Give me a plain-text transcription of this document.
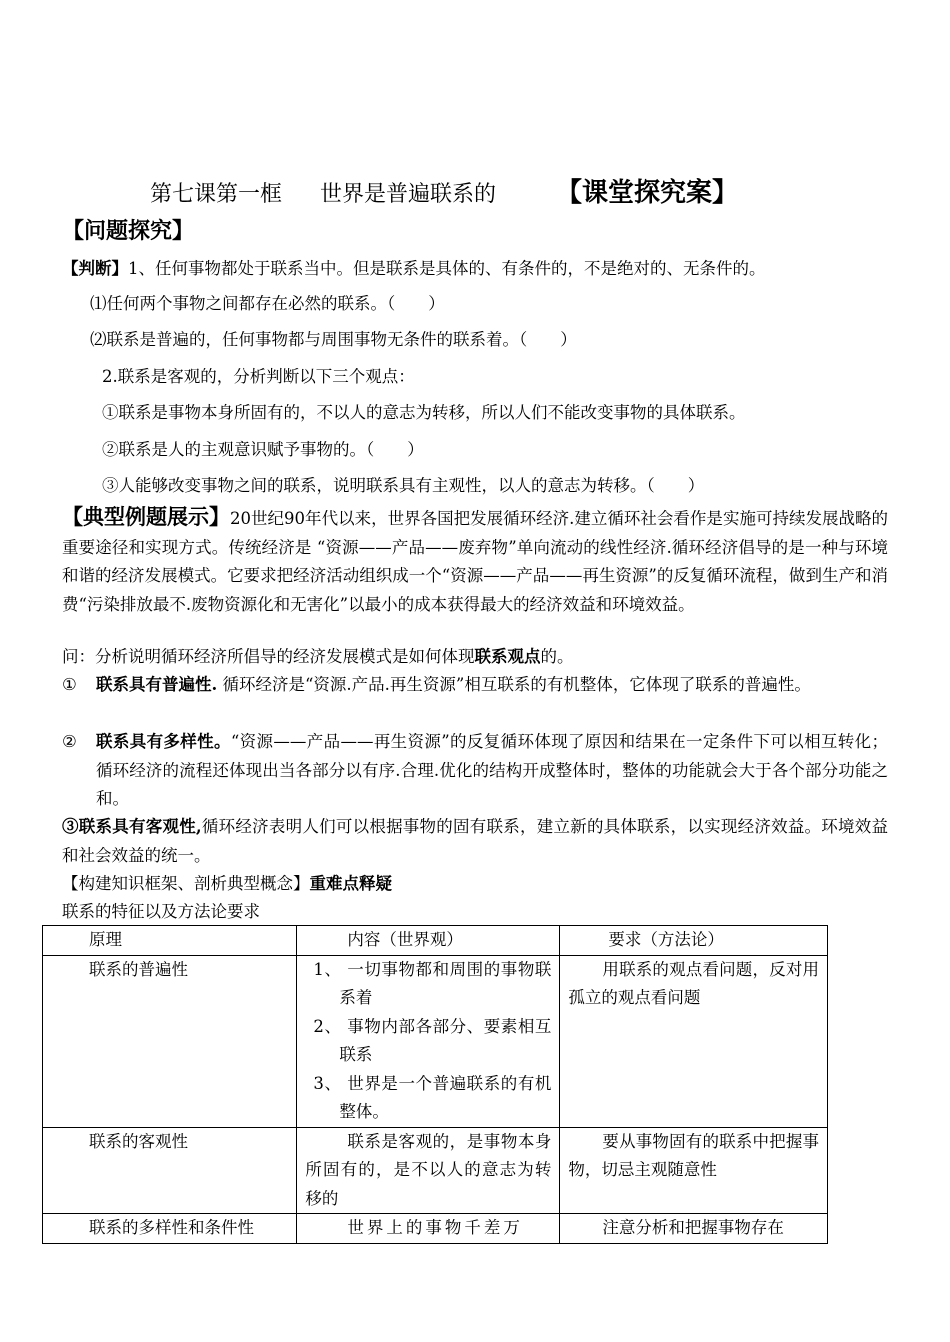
第七课第一框 世界是普遍联系的 【课堂探究案】
【问题探究】
【判断】1、任何事物都处于联系当中。但是联系是具体的、有条件的，不是绝对的、无条件的。
⑴任何两个事物之间都存在必然的联系。（　　）
⑵联系是普遍的，任何事物都与周围事物无条件的联系着。（　　）
2.联系是客观的，分析判断以下三个观点：
①联系是事物本身所固有的，不以人的意志为转移，所以人们不能改变事物的具体联系。
②联系是人的主观意识赋予事物的。（　　）
③人能够改变事物之间的联系，说明联系具有主观性，以人的意志为转移。（　　）
【典型例题展示】20世纪90年代以来，世界各国把发展循环经济.建立循环社会看作是实施可持续发展战略的重要途径和实现方式。传统经济是 “资源——产品——废弃物”单向流动的线性经济.循环经济倡导的是一种与环境和谐的经济发展模式。它要求把经济活动组织成一个“资源——产品——再生资源”的反复循环流程，做到生产和消费“污染排放最不.废物资源化和无害化”以最小的成本获得最大的经济效益和环境效益。
问：分析说明循环经济所倡导的经济发展模式是如何体现联系观点的。
① 联系具有普遍性. 循环经济是“资源.产品.再生资源”相互联系的有机整体，它体现了联系的普遍性。
② 联系具有多样性。“资源——产品——再生资源”的反复循环体现了原因和结果在一定条件下可以相互转化；循环经济的流程还体现出当各部分以有序.合理.优化的结构开成整体时，整体的功能就会大于各个部分功能之和。
③联系具有客观性,循环经济表明人们可以根据事物的固有联系，建立新的具体联系，以实现经济效益。环境效益和社会效益的统一。
【构建知识框架、剖析典型概念】重难点释疑
联系的特征以及方法论要求
原理	内容（世界观）	要求（方法论）
联系的普遍性	1、 一切事物都和周围的事物联系着
2、 事物内部各部分、要素相互联系
3、 世界是一个普遍联系的有机整体。	用联系的观点看问题，反对用孤立的观点看问题
联系的客观性	联系是客观的，是事物本身所固有的，是不以人的意志为转移的	要从事物固有的联系中把握事物，切忌主观随意性
联系的多样性和条件性	世界上的事物千差万	注意分析和把握事物存在
